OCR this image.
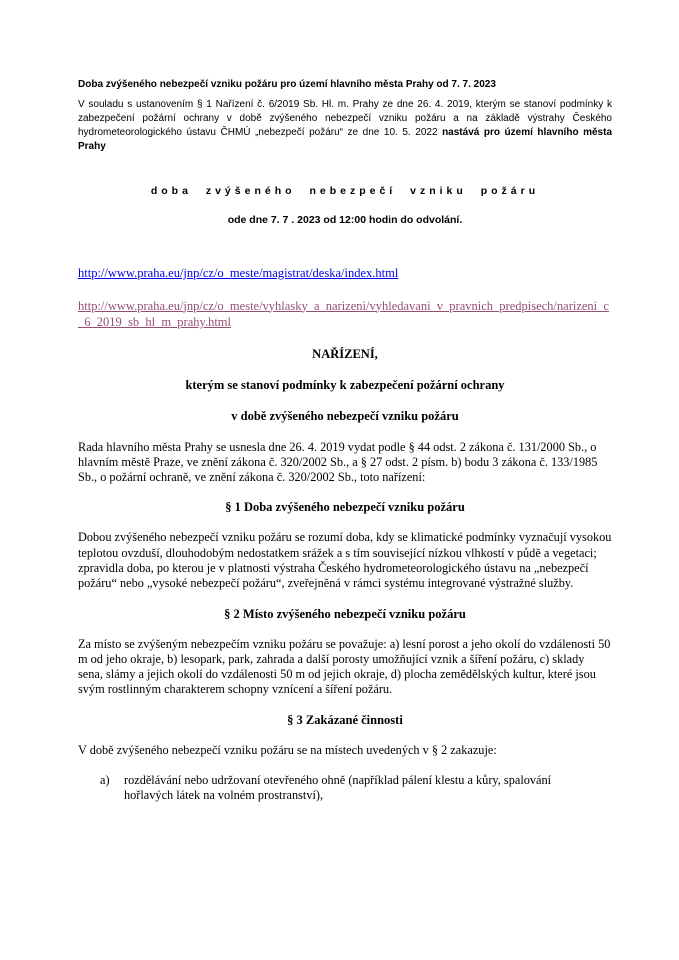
Doba zvýšeného nebezpečí vzniku požáru pro území hlavního města Prahy od 7. 7. 2023

V souladu s ustanovením § 1 Nařízení č. 6/2019 Sb. Hl. m. Prahy ze dne 26. 4. 2019, kterým se stanoví podmínky k zabezpečení požární ochrany v době zvýšeného nebezpečí vzniku požáru a na základě výstrahy Českého hydrometeorologického ústavu ČHMÚ „nebezpečí požáru“ ze dne 10. 5. 2022 nastává pro území hlavního města Prahy

doba zvýšeného nebezpečí vzniku požáru

ode dne 7. 7 . 2023 od 12:00 hodin do odvolání.

http://www.praha.eu/jnp/cz/o_meste/magistrat/deska/index.html

http://www.praha.eu/jnp/cz/o_meste/vyhlasky_a_narizeni/vyhledavani_v_pravnich_predpisech/narizeni_c_6_2019_sb_hl_m_prahy.html

NAŘÍZENÍ,

kterým se stanoví podmínky k zabezpečení požární ochrany

v době zvýšeného nebezpečí vzniku požáru

Rada hlavního města Prahy se usnesla dne 26. 4. 2019 vydat podle § 44 odst. 2 zákona č. 131/2000 Sb., o hlavním městě Praze, ve znění zákona č. 320/2002 Sb., a § 27 odst. 2 písm. b) bodu 3 zákona č. 133/1985 Sb., o požární ochraně, ve znění zákona č. 320/2002 Sb., toto nařízení:

§ 1 Doba zvýšeného nebezpečí vzniku požáru

Dobou zvýšeného nebezpečí vzniku požáru se rozumí doba, kdy se klimatické podmínky vyznačují vysokou teplotou ovzduší, dlouhodobým nedostatkem srážek a s tím související nízkou vlhkostí v půdě a vegetaci; zpravidla doba, po kterou je v platnosti výstraha Českého hydrometeorologického ústavu na „nebezpečí požáru“ nebo „vysoké nebezpečí požáru“, zveřejněná v rámci systému integrované výstražné služby.

§ 2 Místo zvýšeného nebezpečí vzniku požáru

Za místo se zvýšeným nebezpečím vzniku požáru se považuje: a) lesní porost a jeho okolí do vzdálenosti 50 m od jeho okraje, b) lesopark, park, zahrada a další porosty umožňující vznik a šíření požáru, c) sklady sena, slámy a jejich okolí do vzdálenosti 50 m od jejich okraje, d) plocha zemědělských kultur, které jsou svým rostlinným charakterem schopny vznícení a šíření požáru.

§ 3 Zakázané činnosti

V době zvýšeného nebezpečí vzniku požáru se na místech uvedených v § 2 zakazuje:

a)	rozdělávání nebo udržovaní otevřeného ohně (například pálení klestu a kůry, spalování hořlavých látek na volném prostranství),
